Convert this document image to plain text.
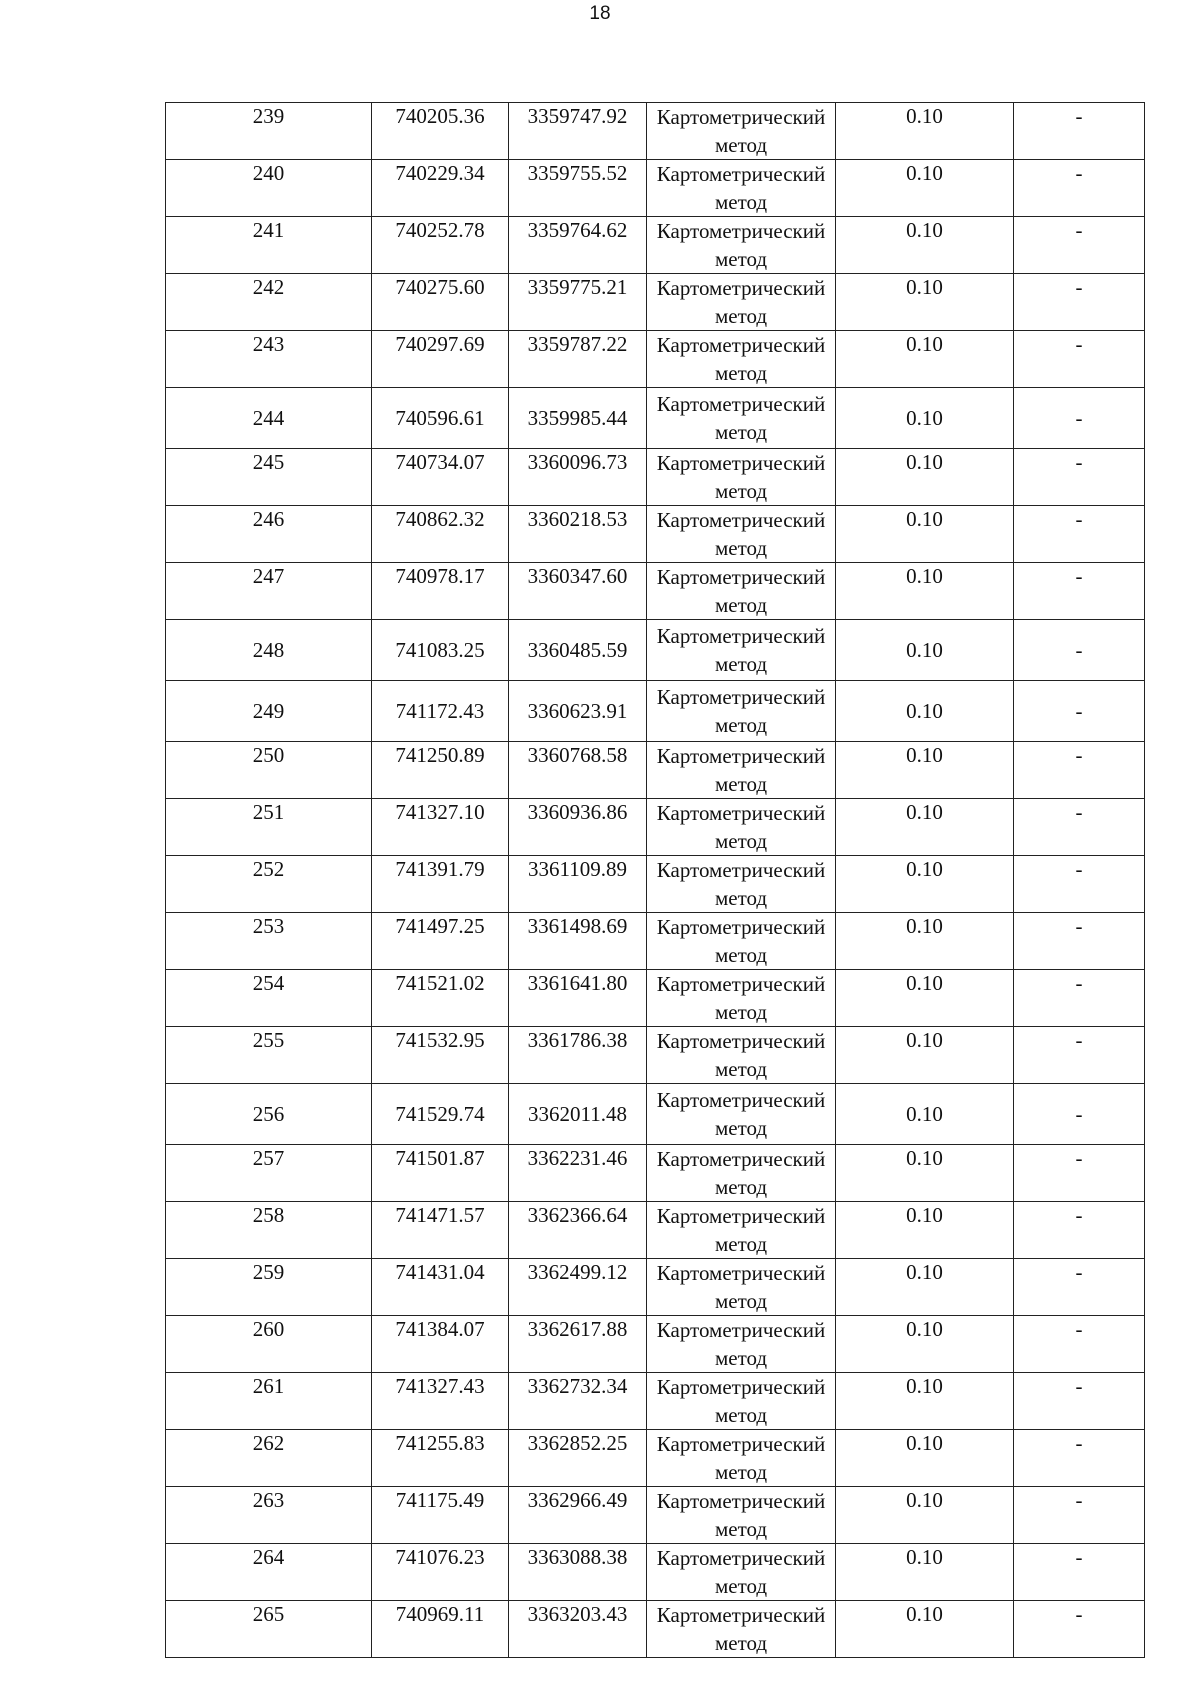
18
239	740205.36	3359747.92	Картометрический метод	0.10	-
240	740229.34	3359755.52	Картометрический метод	0.10	-
241	740252.78	3359764.62	Картометрический метод	0.10	-
242	740275.60	3359775.21	Картометрический метод	0.10	-
243	740297.69	3359787.22	Картометрический метод	0.10	-
244	740596.61	3359985.44	Картометрический метод	0.10	-
245	740734.07	3360096.73	Картометрический метод	0.10	-
246	740862.32	3360218.53	Картометрический метод	0.10	-
247	740978.17	3360347.60	Картометрический метод	0.10	-
248	741083.25	3360485.59	Картометрический метод	0.10	-
249	741172.43	3360623.91	Картометрический метод	0.10	-
250	741250.89	3360768.58	Картометрический метод	0.10	-
251	741327.10	3360936.86	Картометрический метод	0.10	-
252	741391.79	3361109.89	Картометрический метод	0.10	-
253	741497.25	3361498.69	Картометрический метод	0.10	-
254	741521.02	3361641.80	Картометрический метод	0.10	-
255	741532.95	3361786.38	Картометрический метод	0.10	-
256	741529.74	3362011.48	Картометрический метод	0.10	-
257	741501.87	3362231.46	Картометрический метод	0.10	-
258	741471.57	3362366.64	Картометрический метод	0.10	-
259	741431.04	3362499.12	Картометрический метод	0.10	-
260	741384.07	3362617.88	Картометрический метод	0.10	-
261	741327.43	3362732.34	Картометрический метод	0.10	-
262	741255.83	3362852.25	Картометрический метод	0.10	-
263	741175.49	3362966.49	Картометрический метод	0.10	-
264	741076.23	3363088.38	Картометрический метод	0.10	-
265	740969.11	3363203.43	Картометрический метод	0.10	-
